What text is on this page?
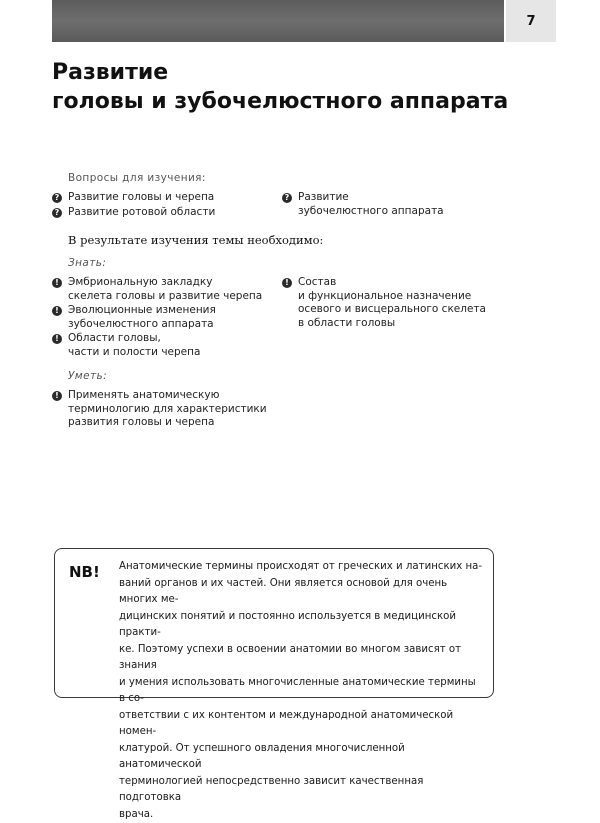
7
Развитие
головы и зубочелюстного аппарата

Вопросы для изучения:

? Развитие головы и черепа
? Развитие ротовой области
? Развитие
зубочелюстного аппарата

В результате изучения темы необходимо:

Знать:

! Эмбриональную закладку
скелета головы и развитие черепа
! Эволюционные изменения
зубочелюстного аппарата
! Области головы,
части и полости черепа
! Состав
и функциональное назначение
осевого и висцерального скелета
в области головы

Уметь:

! Применять анатомическую
терминологию для характеристики
развития головы и черепа
NB! Анатомические термины происходят от греческих и латинских на-
ваний органов и их частей. Они является основой для очень многих ме-
дицинских понятий и постоянно используется в медицинской практи-
ке. Поэтому успехи в освоении анатомии во многом зависят от знания
и умения использовать многочисленные анатомические термины в со-
ответствии с их контентом и международной анатомической номен-
клатурой. От успешного овладения многочисленной анатомической
терминологией непосредственно зависит качественная подготовка
врача.
